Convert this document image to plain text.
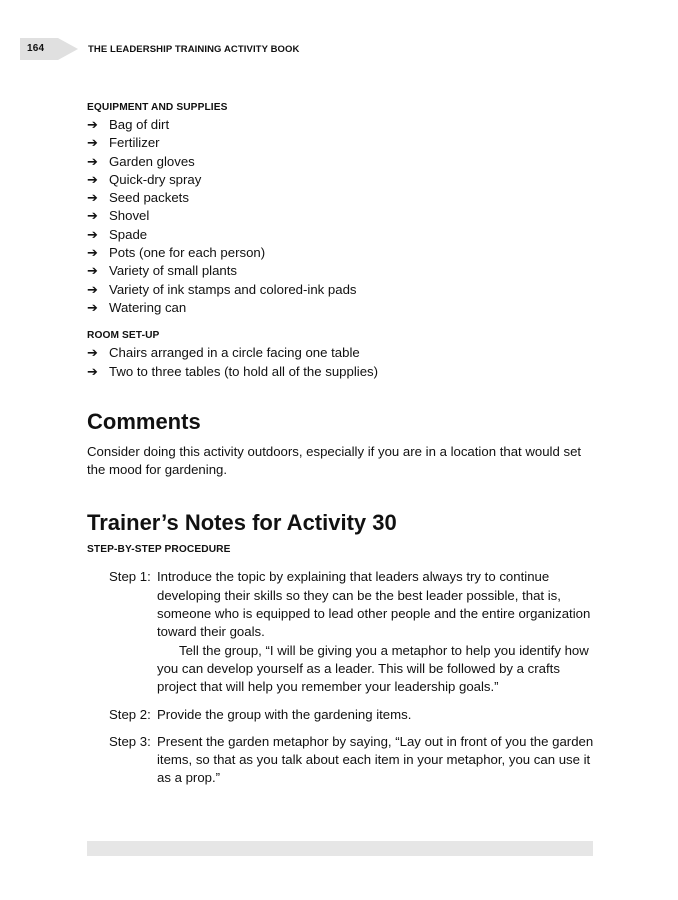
164	THE LEADERSHIP TRAINING ACTIVITY BOOK

EQUIPMENT AND SUPPLIES

➔ Bag of dirt
➔ Fertilizer
➔ Garden gloves
➔ Quick-dry spray
➔ Seed packets
➔ Shovel
➔ Spade
➔ Pots (one for each person)
➔ Variety of small plants
➔ Variety of ink stamps and colored-ink pads
➔ Watering can

ROOM SET-UP

➔ Chairs arranged in a circle facing one table
➔ Two to three tables (to hold all of the supplies)
Comments

Consider doing this activity outdoors, especially if you are in a location that would set the mood for gardening.

Trainer’s Notes for Activity 30

STEP-BY-STEP PROCEDURE

Step 1: Introduce the topic by explaining that leaders always try to continue developing their skills so they can be the best leader possible, that is, someone who is equipped to lead other people and the entire organization toward their goals.

Tell the group, “I will be giving you a metaphor to help you identify how you can develop yourself as a leader. This will be followed by a crafts project that will help you remember your leadership goals.”

Step 2: Provide the group with the gardening items.

Step 3: Present the garden metaphor by saying, “Lay out in front of you the garden items, so that as you talk about each item in your metaphor, you can use it as a prop.”
